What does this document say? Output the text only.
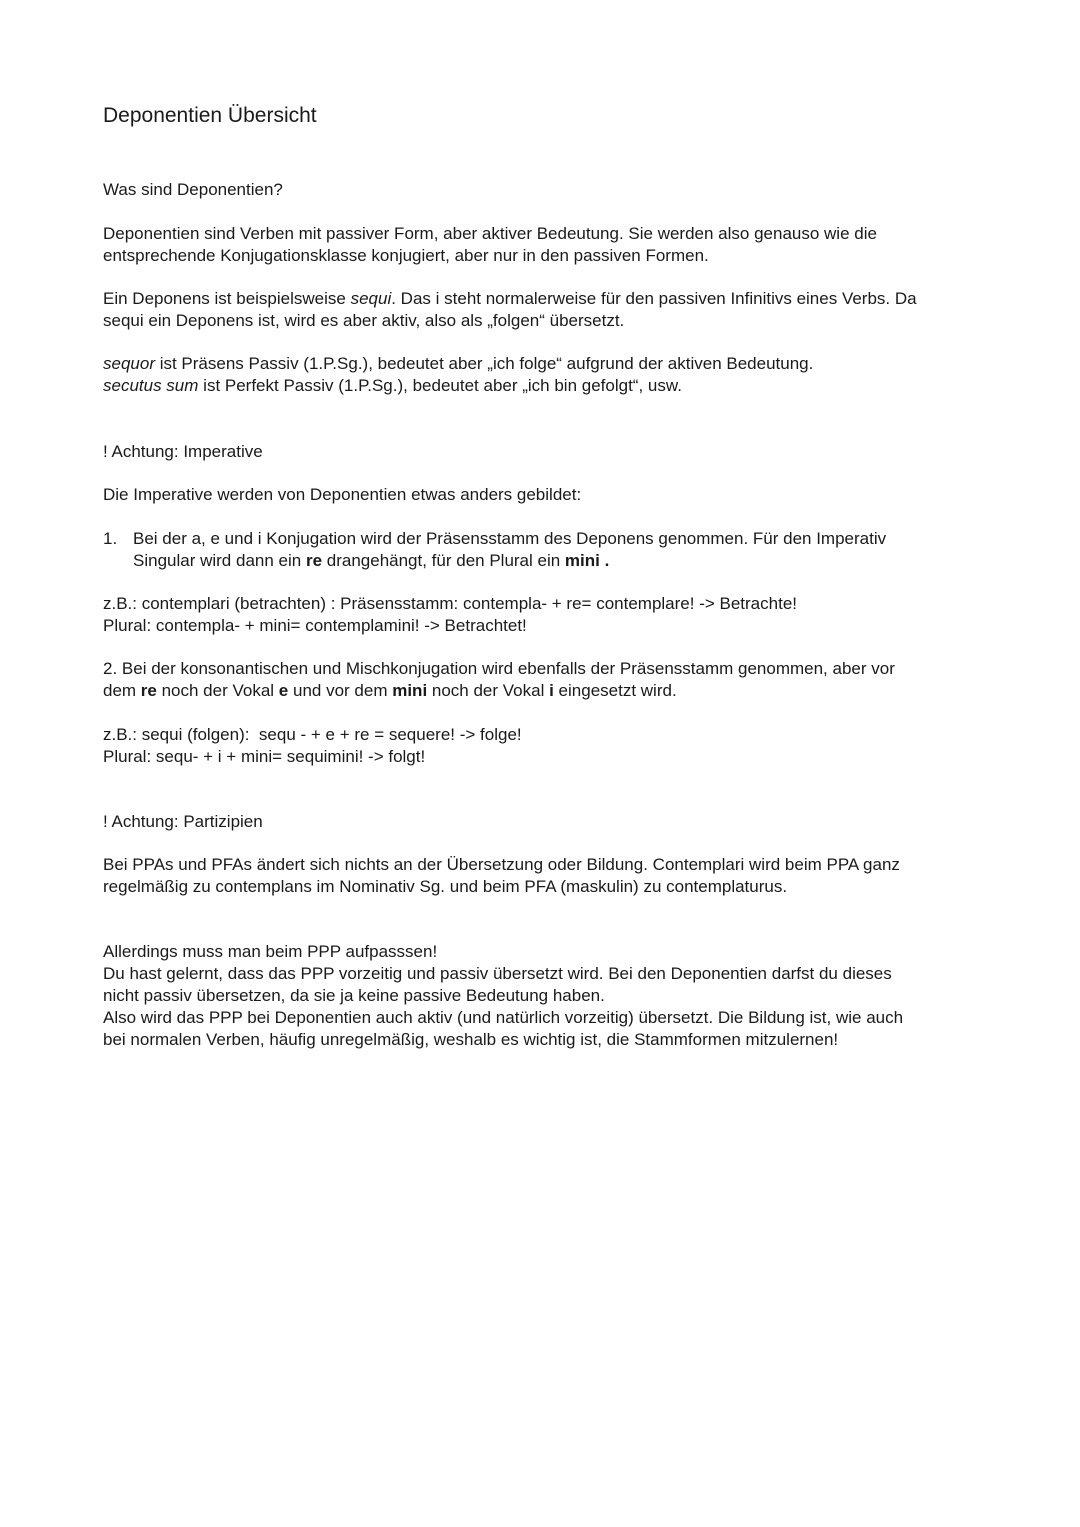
Deponentien Übersicht
Was sind Deponentien?
Deponentien sind Verben mit passiver Form, aber aktiver Bedeutung. Sie werden also genauso wie die
entsprechende Konjugationsklasse konjugiert, aber nur in den passiven Formen.
Ein Deponens ist beispielsweise sequi. Das i steht normalerweise für den passiven Infinitivs eines Verbs. Da
sequi ein Deponens ist, wird es aber aktiv, also als „folgen“ übersetzt.
sequor ist Präsens Passiv (1.P.Sg.), bedeutet aber „ich folge“ aufgrund der aktiven Bedeutung.
secutus sum ist Perfekt Passiv (1.P.Sg.), bedeutet aber „ich bin gefolgt“, usw.
! Achtung: Imperative
Die Imperative werden von Deponentien etwas anders gebildet:
1. Bei der a, e und i Konjugation wird der Präsensstamm des Deponens genommen. Für den Imperativ
Singular wird dann ein re drangehängt, für den Plural ein mini .
z.B.: contemplari (betrachten) : Präsensstamm: contempla- + re= contemplare! -> Betrachte!
Plural: contempla- + mini= contemplamini! -> Betrachtet!
2. Bei der konsonantischen und Mischkonjugation wird ebenfalls der Präsensstamm genommen, aber vor
dem re noch der Vokal e und vor dem mini noch der Vokal i eingesetzt wird.
z.B.: sequi (folgen):  sequ - + e + re = sequere! -> folge!
Plural: sequ- + i + mini= sequimini! -> folgt!
! Achtung: Partizipien
Bei PPAs und PFAs ändert sich nichts an der Übersetzung oder Bildung. Contemplari wird beim PPA ganz
regelmäßig zu contemplans im Nominativ Sg. und beim PFA (maskulin) zu contemplaturus.
Allerdings muss man beim PPP aufpasssen!
Du hast gelernt, dass das PPP vorzeitig und passiv übersetzt wird. Bei den Deponentien darfst du dieses
nicht passiv übersetzen, da sie ja keine passive Bedeutung haben.
Also wird das PPP bei Deponentien auch aktiv (und natürlich vorzeitig) übersetzt. Die Bildung ist, wie auch
bei normalen Verben, häufig unregelmäßig, weshalb es wichtig ist, die Stammformen mitzulernen!
